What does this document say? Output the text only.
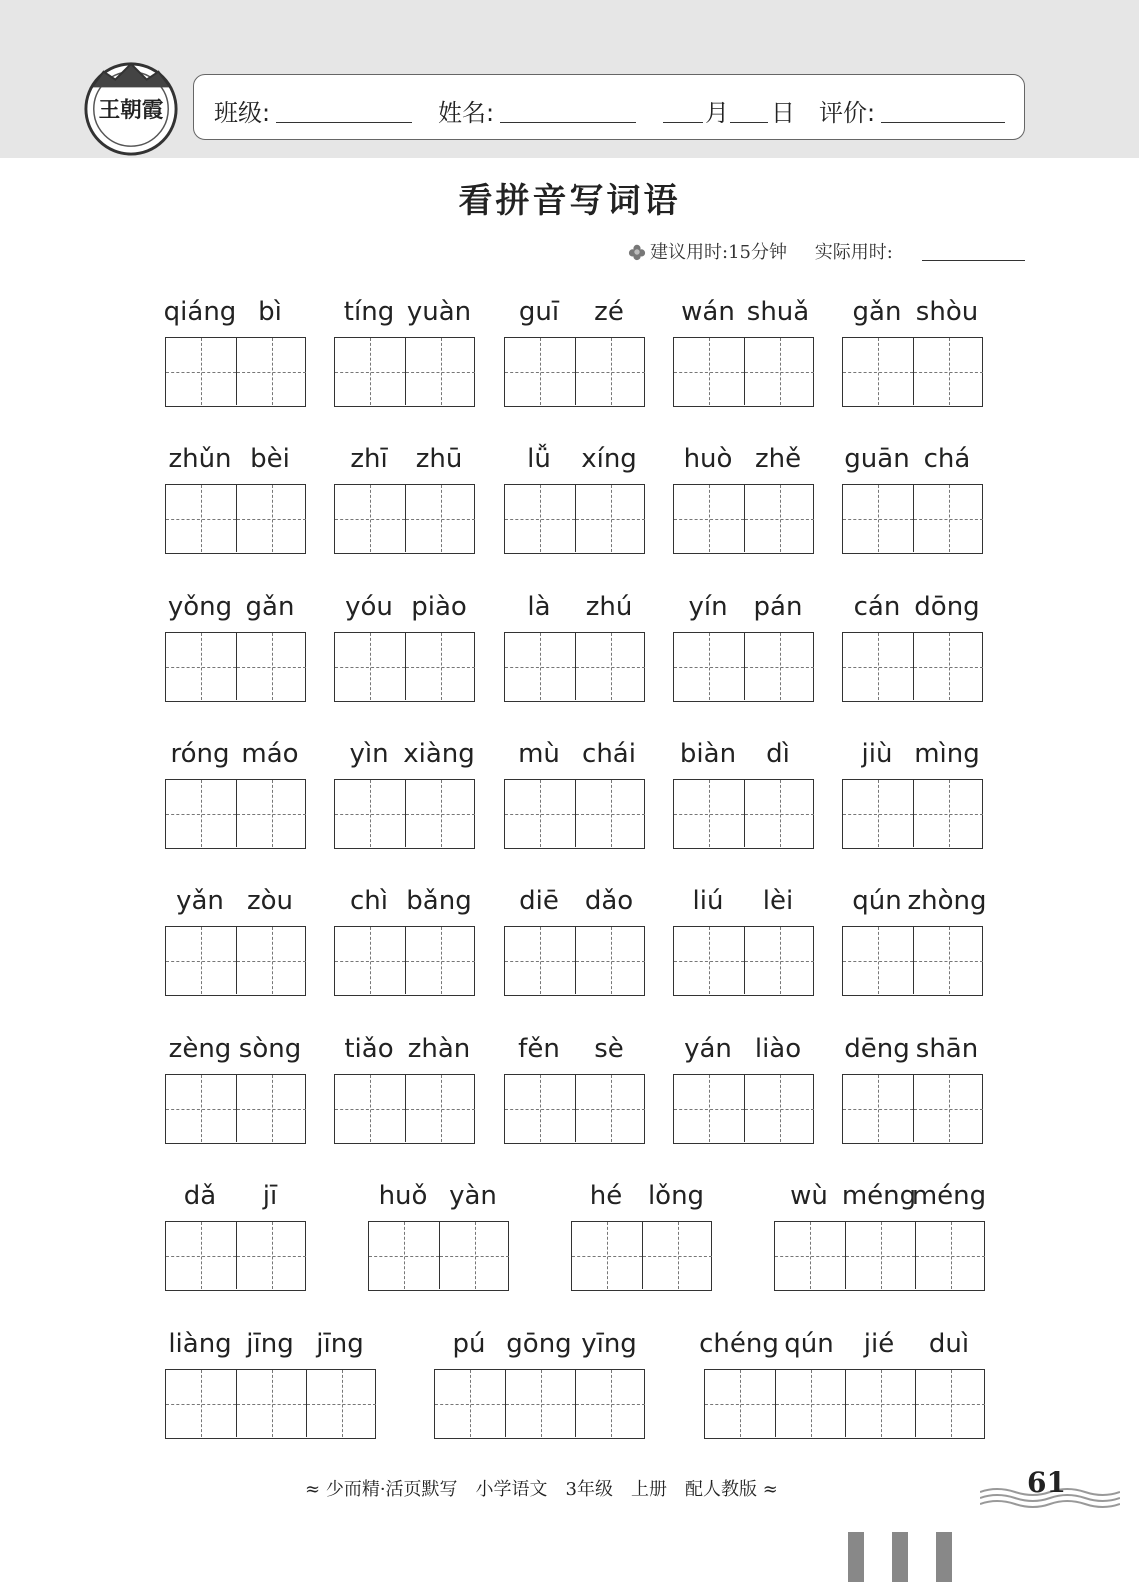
王朝霞 班级:	姓名:	月 日 评价:
看拼音写词语
建议用时:15分钟 实际用时:
qiáng bì tíng yuàn guī zé wán shuǎ gǎn shòu
zhǔn bèi zhī zhū lǚ xíng huò zhě guān chá
yǒng gǎn yóu piào là zhú yín pán cán dōng
róng máo yìn xiàng mù chái biàn dì	jiù mìng
yǎn zòu chì bǎng diē dǎo liú lèi qún zhòng
zèng sòng tiǎo zhàn fěn sè yán liào dēng shān
dǎ jī	huǒ yàn	hé lǒng	wù méng
méng
liàng jīng jīng	pú gōng yīng chéng qún jié duì
≈ 少而精·活页默写　小学语文　3年级　上册　配人教版 ≈	61
